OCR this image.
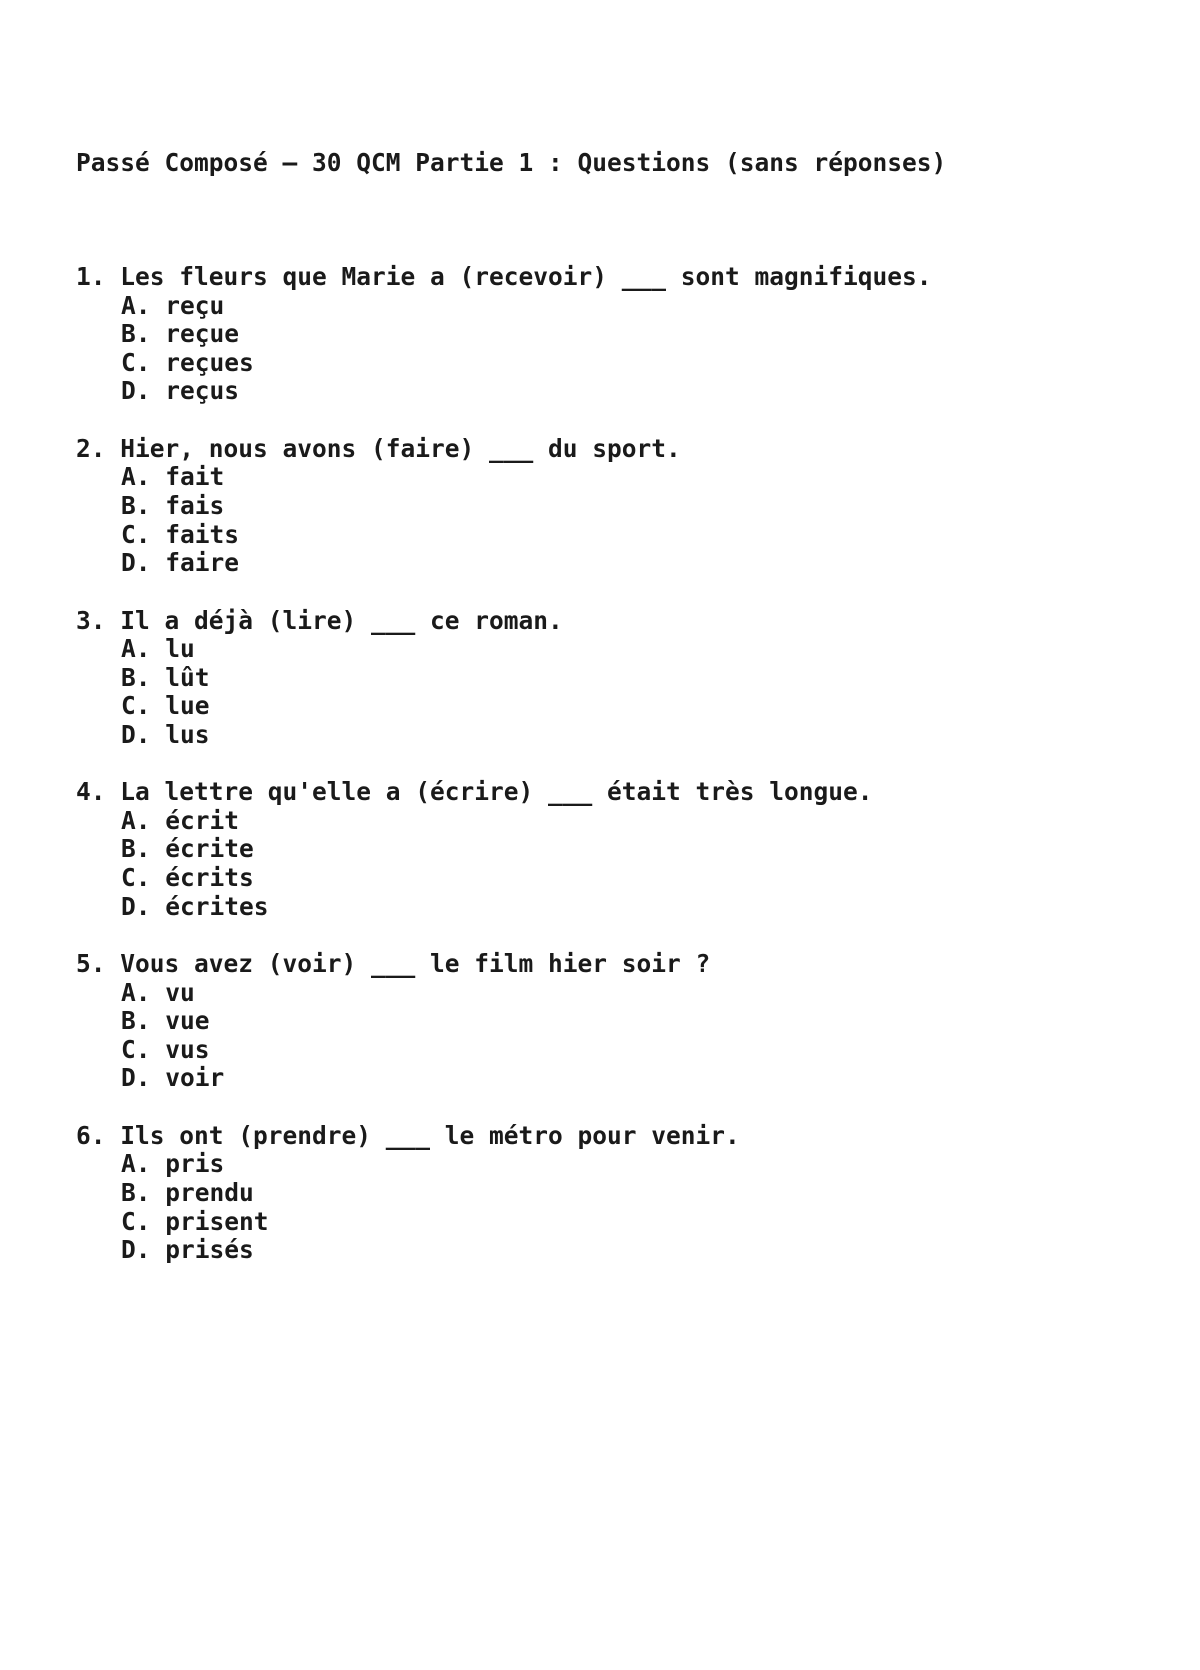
Passé Composé – 30 QCM Partie 1 : Questions (sans réponses)

1. Les fleurs que Marie a (recevoir) ___ sont magnifiques.
A. reçu
B. reçue
C. reçues
D. reçus
2. Hier, nous avons (faire) ___ du sport.
A. fait
B. fais
C. faits
D. faire
3. Il a déjà (lire) ___ ce roman.
A. lu
B. lût
C. lue
D. lus
4. La lettre qu'elle a (écrire) ___ était très longue.
A. écrit
B. écrite
C. écrits
D. écrites
5. Vous avez (voir) ___ le film hier soir ?
A. vu
B. vue
C. vus
D. voir
6. Ils ont (prendre) ___ le métro pour venir.
A. pris
B. prendu
C. prisent
D. prisés
